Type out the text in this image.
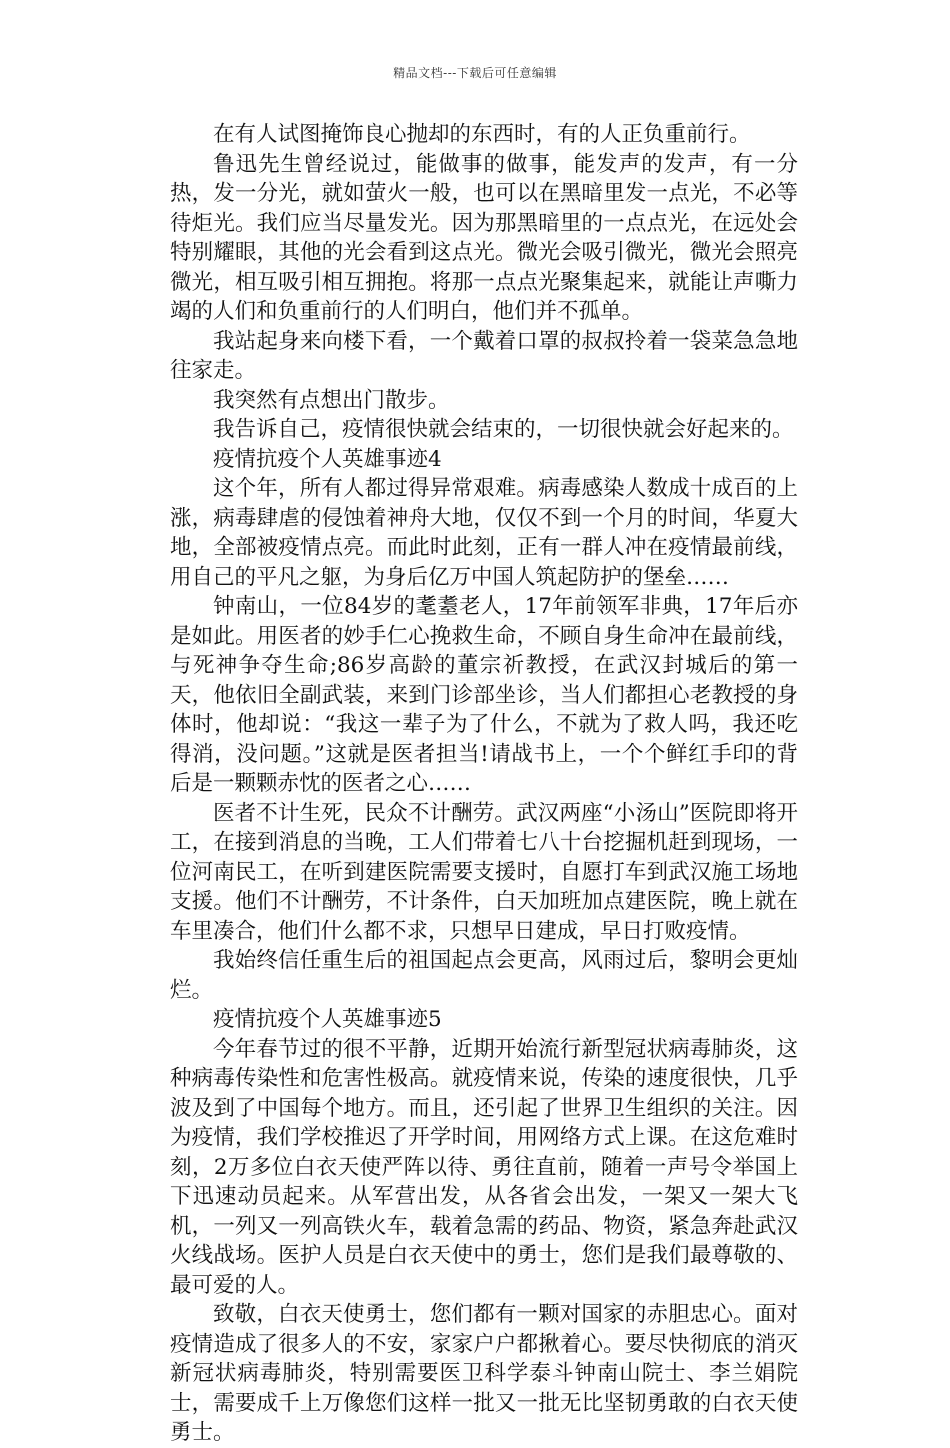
精品文档---下载后可任意编辑

在有人试图掩饰良心抛却的东西时，有的人正负重前行。

鲁迅先生曾经说过，能做事的做事，能发声的发声，有一分热，发一分光，就如萤火一般，也可以在黑暗里发一点光，不必等待炬光。我们应当尽量发光。因为那黑暗里的一点点光，在远处会特别耀眼，其他的光会看到这点光。微光会吸引微光，微光会照亮微光，相互吸引相互拥抱。将那一点点光聚集起来，就能让声嘶力竭的人们和负重前行的人们明白，他们并不孤单。

我站起身来向楼下看，一个戴着口罩的叔叔拎着一袋菜急急地往家走。

我突然有点想出门散步。

我告诉自己，疫情很快就会结束的，一切很快就会好起来的。

疫情抗疫个人英雄事迹4

这个年，所有人都过得异常艰难。病毒感染人数成十成百的上涨，病毒肆虐的侵蚀着神舟大地，仅仅不到一个月的时间，华夏大地，全部被疫情点亮。而此时此刻，正有一群人冲在疫情最前线，用自己的平凡之躯，为身后亿万中国人筑起防护的堡垒……

钟南山，一位84岁的耄耋老人，17年前领军非典，17年后亦是如此。用医者的妙手仁心挽救生命，不顾自身生命冲在最前线，与死神争夺生命;86岁高龄的董宗祈教授，在武汉封城后的第一天，他依旧全副武装，来到门诊部坐诊，当人们都担心老教授的身体时，他却说：“我这一辈子为了什么，不就为了救人吗，我还吃得消，没问题。”这就是医者担当!请战书上，一个个鲜红手印的背后是一颗颗赤忱的医者之心……

医者不计生死，民众不计酬劳。武汉两座“小汤山”医院即将开工，在接到消息的当晚，工人们带着七八十台挖掘机赶到现场，一位河南民工，在听到建医院需要支援时，自愿打车到武汉施工场地支援。他们不计酬劳，不计条件，白天加班加点建医院，晚上就在车里凑合，他们什么都不求，只想早日建成，早日打败疫情。

我始终信任重生后的祖国起点会更高，风雨过后，黎明会更灿烂。

疫情抗疫个人英雄事迹5

今年春节过的很不平静，近期开始流行新型冠状病毒肺炎，这种病毒传染性和危害性极高。就疫情来说，传染的速度很快，几乎波及到了中国每个地方。而且，还引起了世界卫生组织的关注。因为疫情，我们学校推迟了开学时间，用网络方式上课。在这危难时刻，2万多位白衣天使严阵以待、勇往直前，随着一声号令举国上下迅速动员起来。从军营出发，从各省会出发，一架又一架大飞机，一列又一列高铁火车，载着急需的药品、物资，紧急奔赴武汉火线战场。医护人员是白衣天使中的勇士，您们是我们最尊敬的、最可爱的人。

致敬，白衣天使勇士，您们都有一颗对国家的赤胆忠心。面对疫情造成了很多人的不安，家家户户都揪着心。要尽快彻底的消灭新冠状病毒肺炎，特别需要医卫科学泰斗钟南山院士、李兰娟院士，需要成千上万像您们这样一批又一批无比坚韧勇敢的白衣天使勇士。
